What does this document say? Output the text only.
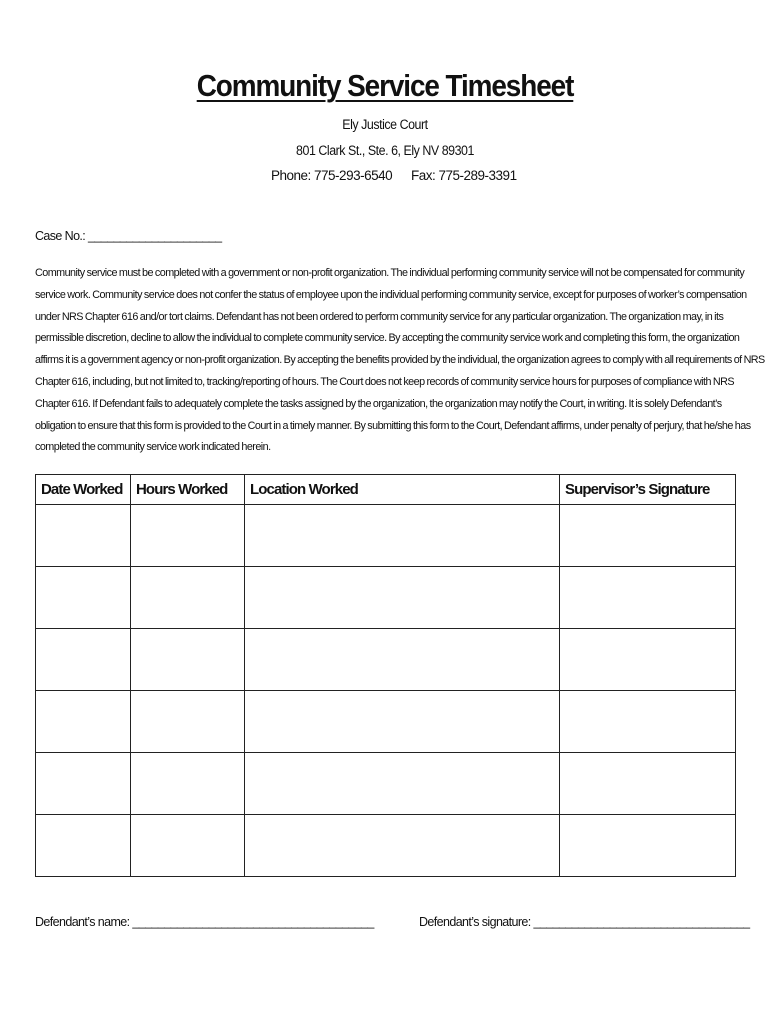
Community Service Timesheet
Ely Justice Court
801 Clark St., Ste. 6, Ely NV 89301
Phone: 775-293-6540 Fax: 775-289-3391
Case No.: _____________________
Community service must be completed with a government or non-profit organization. The individual performing community service will not be compensated for community
service work. Community service does not confer the status of employee upon the individual performing community service, except for purposes of worker’s compensation
under NRS Chapter 616 and/or tort claims. Defendant has not been ordered to perform community service for any particular organization. The organization may, in its
permissible discretion, decline to allow the individual to complete community service. By accepting the community service work and completing this form, the organization
affirms it is a government agency or non-profit organization. By accepting the benefits provided by the individual, the organization agrees to comply with all requirements of NRS
Chapter 616, including, but not limited to, tracking/reporting of hours. The Court does not keep records of community service hours for purposes of compliance with NRS
Chapter 616. If Defendant fails to adequately complete the tasks assigned by the organization, the organization may notify the Court, in writing. It is solely Defendant’s
obligation to ensure that this form is provided to the Court in a timely manner. By submitting this form to the Court, Defendant affirms, under penalty of perjury, that he/she has
completed the community service work indicated herein.
Date Worked	Hours Worked	Location Worked	Supervisor’s Signature

Defendant’s name: ______________________________________	Defendant’s signature: __________________________________
